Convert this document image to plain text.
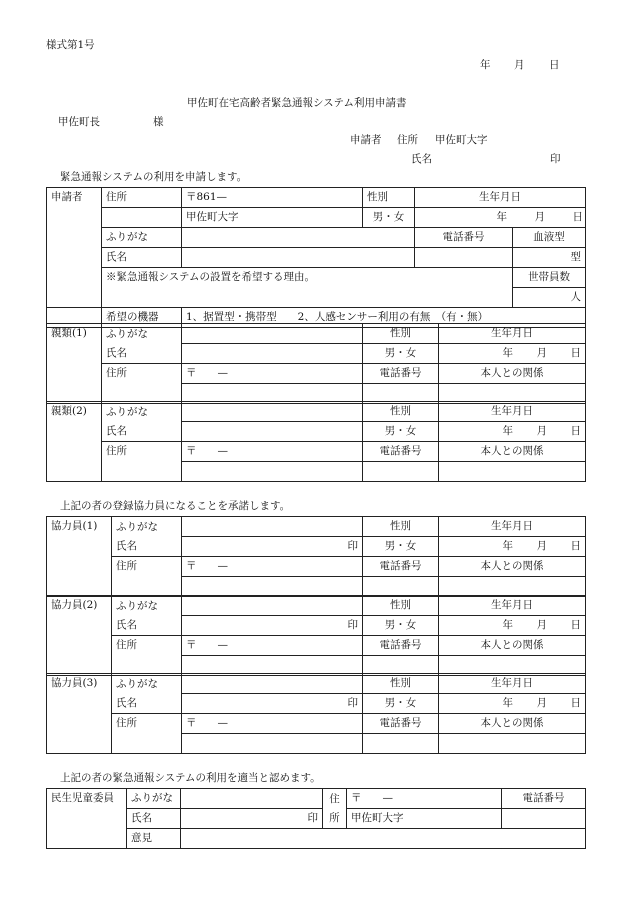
様式第1号
年 月 日
甲佐町在宅高齢者緊急通報システム利用申請書
甲佐町長	様
申請者 住所 甲佐町大字
氏名	印
緊急通報システムの利用を申請します。
申請者	住所	〒861—	性別	生年月日	
		甲佐町大字	男・女	年 月 日	
	ふりがな			電話番号	血液型
	氏名				型
	※緊急通報システムの設置を希望する理由。				世帯員数
					人
	希望の機器	1、据置型・携帯型　　2、人感センサー利用の有無　（有・無）			
親類(1)	ふりがな		性別	生年月日
	氏名		男・女	年 月 日
	住所	〒　　—	電話番号	本人との関係

親類(2)	ふりがな		性別	生年月日
	氏名		男・女	年 月 日
	住所	〒　　—	電話番号	本人との関係

上記の者の登録協力員になることを承諾します。
協力員(1)	ふりがな		性別	生年月日
	氏名	印	男・女	年 月 日
	住所	〒　　—	電話番号	本人との関係

協力員(2)	ふりがな		性別	生年月日
	氏名	印	男・女	年 月 日
	住所	〒　　—	電話番号	本人との関係

協力員(3)	ふりがな		性別	生年月日
	氏名	印	男・女	年 月 日
	住所	〒　　—	電話番号	本人との関係

上記の者の緊急通報システムの利用を適当と認めます。
民生児童委員	ふりがな		住	〒　　—	電話番号
	氏名	印	所	甲佐町大字	
	意見				
